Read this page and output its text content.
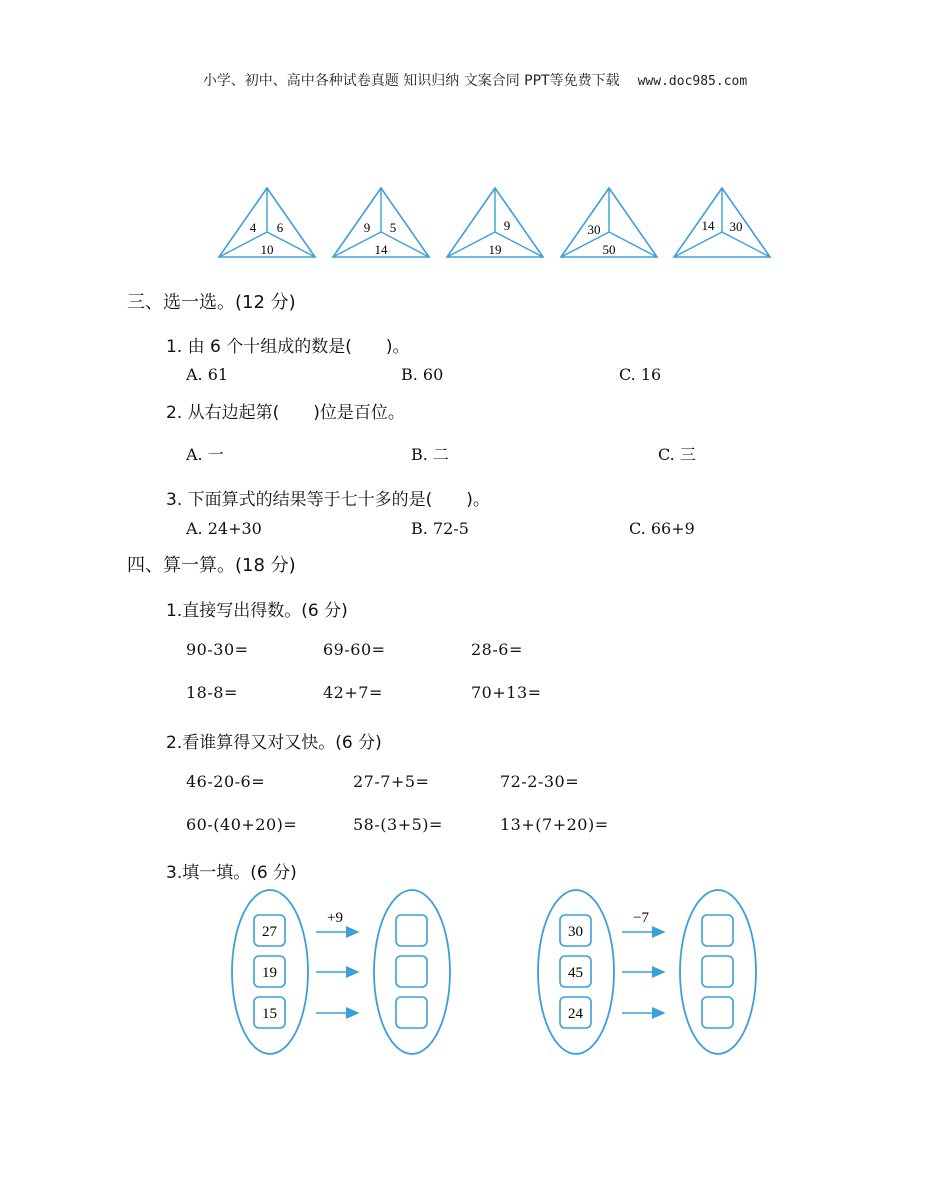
小学、初中、高中各种试卷真题 知识归纳 文案合同 PPT等免费下载 www.doc985.com
4 6
10
9 5
14
9
19
30
50
14 30
三、选一选。(12 分)
1. 由 6 个十组成的数是(　　)。
A. 61	B. 60	C. 16
2. 从右边起第(　　)位是百位。
A. 一	B. 二	C. 三
3. 下面算式的结果等于七十多的是(　　)。
A. 24+30	B. 72-5	C. 66+9
四、算一算。(18 分)
1.直接写出得数。(6 分)
90-30=	69-60=	28-6=
18-8=	42+7=	70+13=
2.看谁算得又对又快。(6 分)
46-20-6=	27-7+5=	72-2-30=
60-(40+20)=	58-(3+5)=	13+(7+20)=
3.填一填。(6 分)
27
19
15
+9
30
45
24
−7
